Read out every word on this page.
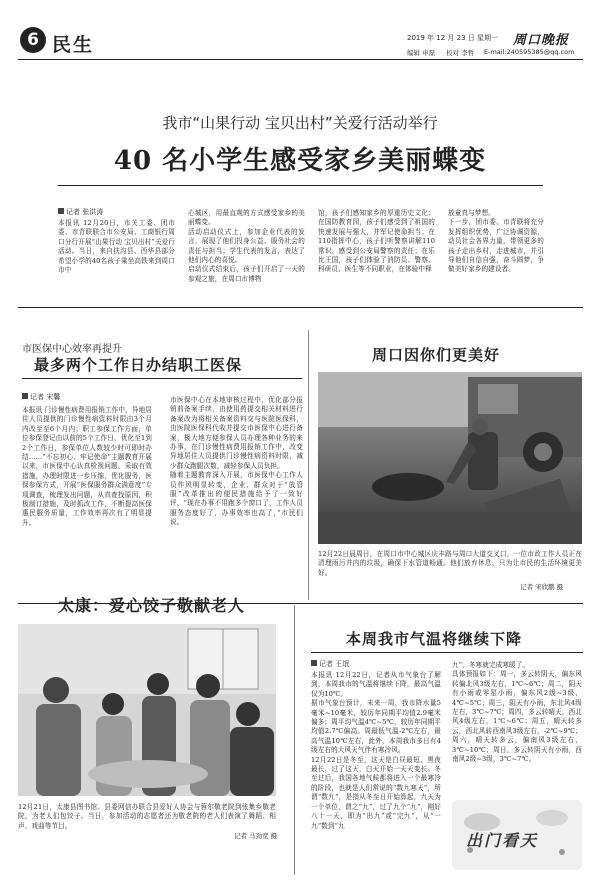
6 民生	2019 年 12 月 23 日 星期一 周口晚报
编辑 申磊 校对 李哲 E-mail:240595385@qq.com
我市“山果行动 宝贝出村”关爱行活动举行
40 名小学生感受家乡美丽蝶变
记者 张洪涛
本报讯 12月20日，市关工委、团市委、市青联联合市公安局、工商银行周口分行开展“山果行动 宝贝出村”关爱行活动。当日，来自扶沟县、西华县部分希望小学的40名孩子乘坐高铁来到周口市中
心城区，用最直观的方式感受家乡的美丽蝶变。
活动启动仪式上，参加企业代表的发言，展现了他们投身公益、服务社会的责任与担当；学生代表的发言，表达了他们内心的喜悦。
启动仪式结束后，孩子们开启了一天的参观之旅，在周口市博物
馆，孩子们感知家乡的厚重历史文化；在国防教育园，孩子们感受到了祖国的快速发展与强大，并军记使命担当；在110指挥中心，孩子们听警察讲解110常识，感受到公安局警察的责任；在乐比王国，孩子们体验了消防员、警察、科研员、医生等不同职业，在体验中释
放童真与梦想。
下一步，团市委、市青联将充分发挥组织优势，广泛协调资源，动员社会各界力量，带领更多的孩子走出乡村，走进城市，并引导他们自信自强，奋斗圆梦，争做美好家乡的建设者。
市医保中心效率再提升
最多两个工作日办结职工医保
记者 宋馨
本报讯 门诊慢性病费用报销工作中，异地居住人员提供的门诊慢性病资料时限由3个月内改至至6个月内；职工参保工作方面，单位参保登记由以前的5个工作日，优化至1到2个工作日，参保单位人数较少时可即时办结……“不忘初心、牢记使命”主题教育开展以来，市医保中心认真检视问题，采取有效措施，办理时限进一步压缩，优化服务，医保参保方式，开展“医保服务群众满意度”专项调查，梳理发出问题，从真查找原因，积极制订措施，及时抓改工作，不断提高医保惠民服务质量，工作效率再次有了明显提升。
市医保中心在本地审核过程中，优化部分报销前备案手续，由使用药提交相关材料进行备案改为将相关备案资料交与医院医保科，由医院医保科代收并提交市医保中心进行备案，极大地方便参保人员办理各种业务的来办事，在门诊慢性病费用报销工作中，改变异地居住人员提供门诊慢性病资料时限，减少群众跑腿次数，减轻参保人员负担。
随着主题教育深入开展，市医保中心工作人员作风明显转变，企业、群众对于“放管服”改革推出的便民措施给予了一致好评，“现在办事不用跑多个窗口了，工作人员服务态度好了，办事效率也高了，”市民们说。
周口因你们更美好
12月22日晨周日，在周口市中心城区庆丰路与周口大道交叉口，一位市政工作人员正在清理雨污井内的垃圾，确保下水管道畅通。他们放弃休息，只为让市民的生活环境更美好。
记者 宋欣鹏 摄
太康：爱心饺子敬献老人
12月21日，太康县图书馆、县委网信办联合县爱好人协会与蓉尔敬老院到张集乡敬老院，为老人们包饺子。当日，参加活动的志愿者还为敬老院的老人们表演了舞蹈、相声、戏曲等节目。
记者 马劲宽 摄
本周我市气温将继续下降
记者 王氓
本报讯 12月22日，记者从市气象台了解到，本周我市的气温将继续下降，最高气温仅为10℃。
据市气象台预计，未来一周，我市降水量5毫米~10毫米，较历年同期平均值2.9毫米偏多；周平均气温4℃~5℃，较历年同期平均值2.7℃偏高。周最低气温-2℃左右，最高气温10℃左右，此外，本周我市多日有4级左右的大风天气伴有寒冷风。
12月22日是冬至，这天是白昼最短、黑夜最长，过了这天，白天开始一天天变长。冬至过后，我国各地气候都将进入一个最寒冷的阶段，也就是人们常说的“数九寒天”，所谓“数九”，是指从冬至日开始算起，九天为一个单位，谓之“九”，过了九个“九”，刚好八十一天，即为“出九”或“完九”，从“一九”数到“九
九”，冬寒就完成寒暖了。
具体预报如下：周一，多云转阴天，偏东风转偏北风3级左右，1℃~6℃；周二，阴天有小雨或零星小雨，偏东风2级~3级，4℃~5℃；周三，阴天有小雨，东北风4级左右，3℃~7℃；周四，多云转晴天，西北风4级左右，1℃~6℃；周五，晴天转多云，西北风转西南风3级左右，-2℃~9℃；周六，晴天转多云，偏南风3级左右，3℃~10℃；周日，多云转阴天有小雨，西南风2级~3级，3℃~7℃。
出门看天
